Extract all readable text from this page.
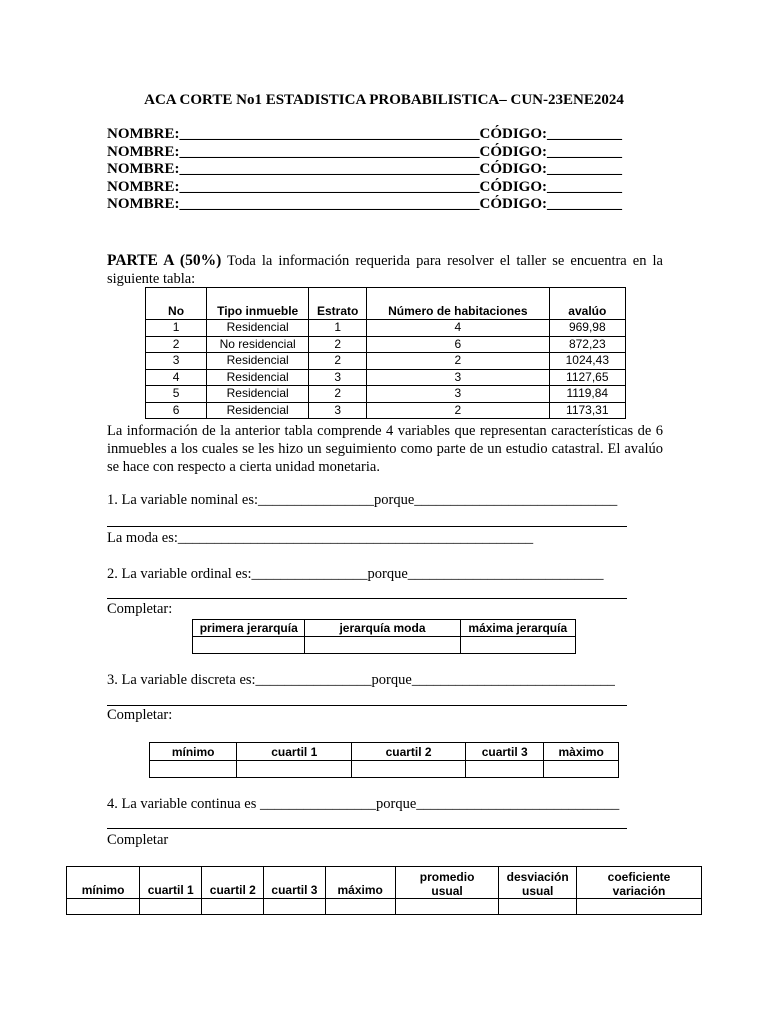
ACA CORTE No1 ESTADISTICA PROBABILISTICA– CUN-23ENE2024
NOMBRE:________________________________________CÓDIGO:__________
NOMBRE:________________________________________CÓDIGO:__________
NOMBRE:________________________________________CÓDIGO:__________
NOMBRE:________________________________________CÓDIGO:__________
NOMBRE:________________________________________CÓDIGO:__________
PARTE A (50%) Toda la información requerida para resolver el taller se encuentra en la siguiente tabla:
No	Tipo inmueble	Estrato	Número de habitaciones	avalúo
1	Residencial	1	4	969,98
2	No residencial	2	6	872,23
3	Residencial	2	2	1024,43
4	Residencial	3	3	1127,65
5	Residencial	2	3	1119,84
6	Residencial	3	2	1173,31
La información de la anterior tabla comprende 4 variables que representan características de 6 inmuebles a los cuales se les hizo un seguimiento como parte de un estudio catastral. El avalúo se hace con respecto a cierta unidad monetaria.
1. La variable nominal es:________________porque____________________________
La moda es:_________________________________________________
2. La variable ordinal es:________________porque___________________________
Completar:
primera jerarquía	jerarquía moda	máxima jerarquía

3. La variable discreta es:________________porque____________________________
Completar:
mínimo	cuartil 1	cuartil 2	cuartil 3	màximo

4. La variable continua es ________________porque____________________________
Completar
mínimo	cuartil 1	cuartil 2	cuartil 3	máximo	promedio usual	desviación usual	coeficiente variación
